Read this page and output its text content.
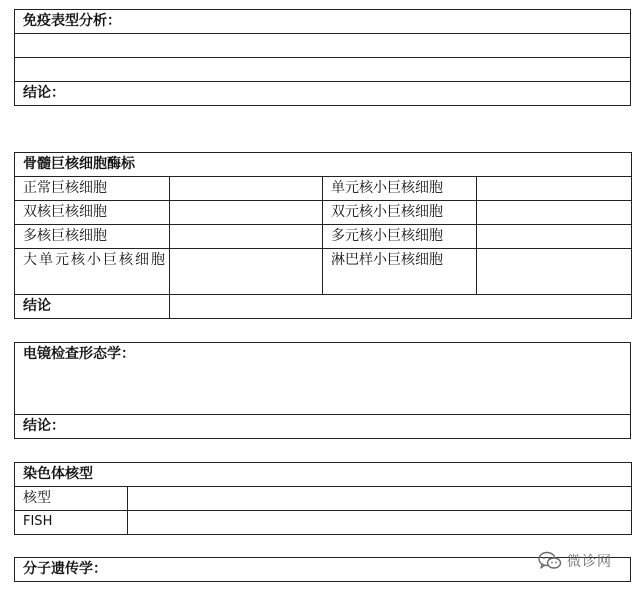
免疫表型分析：

结论：
骨髓巨核细胞酶标			
正常巨核细胞		单元核小巨核细胞	
双核巨核细胞		双元核小巨核细胞	
多核巨核细胞		多元核小巨核细胞	
大单元核小巨核细胞		淋巴样小巨核细胞	
结论			
电镜检查形态学：
结论：
染色体核型	
核型	
FISH	
分子遗传学：	微诊网
